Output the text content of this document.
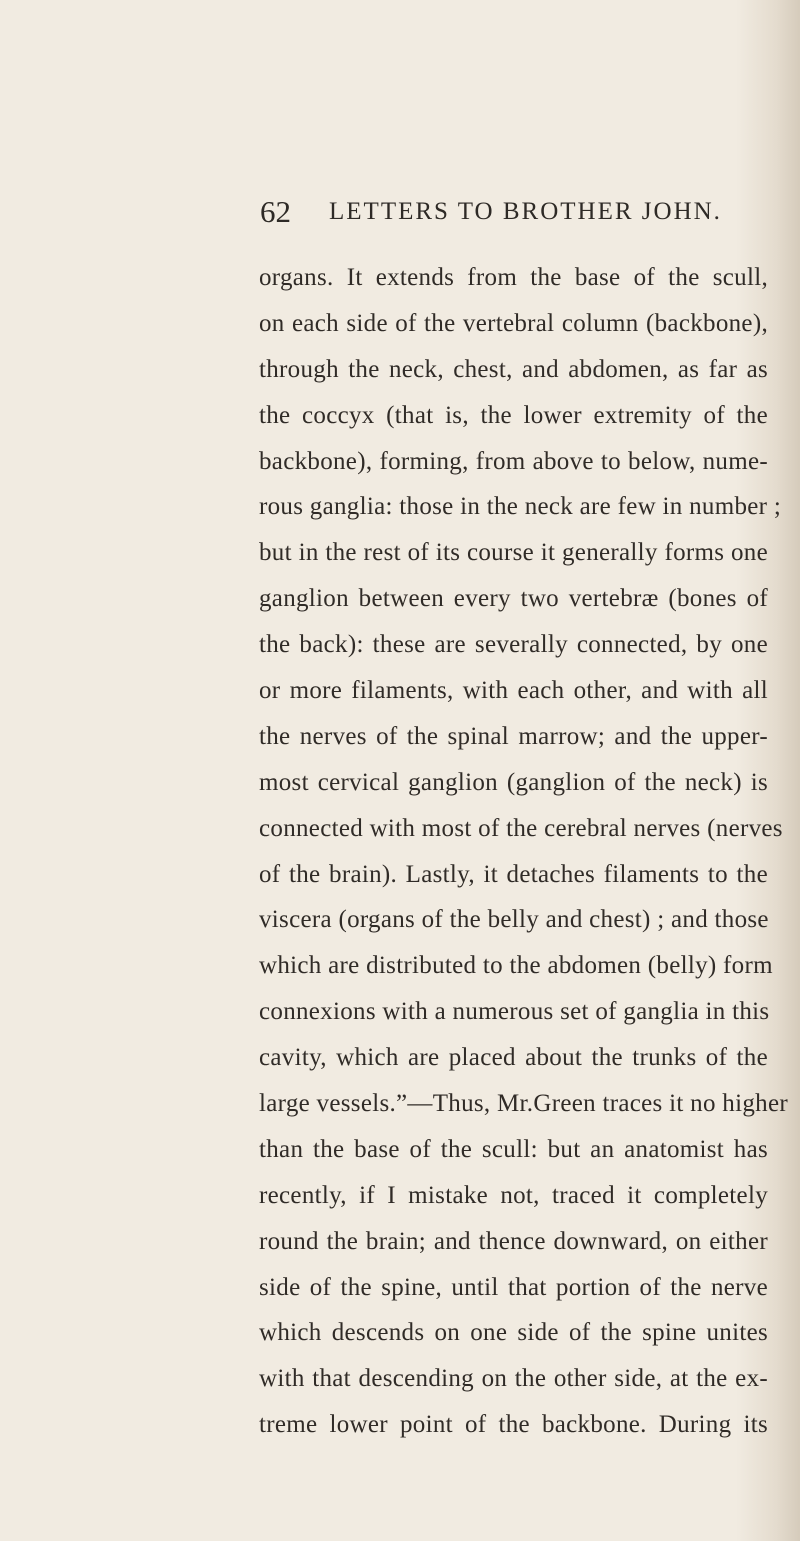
62 LETTERS TO BROTHER JOHN.
organs. It extends from the base of the scull,
on each side of the vertebral column (backbone),
through the neck, chest, and abdomen, as far as
the coccyx (that is, the lower extremity of the
backbone), forming, from above to below, nume-
rous ganglia: those in the neck are few in number ;
but in the rest of its course it generally forms one
ganglion between every two vertebræ (bones of
the back): these are severally connected, by one
or more filaments, with each other, and with all
the nerves of the spinal marrow; and the upper-
most cervical ganglion (ganglion of the neck) is
connected with most of the cerebral nerves (nerves
of the brain). Lastly, it detaches filaments to the
viscera (organs of the belly and chest) ; and those
which are distributed to the abdomen (belly) form
connexions with a numerous set of ganglia in this
cavity, which are placed about the trunks of the
large vessels.”—Thus, Mr.Green traces it no higher
than the base of the scull: but an anatomist has
recently, if I mistake not, traced it completely
round the brain; and thence downward, on either
side of the spine, until that portion of the nerve
which descends on one side of the spine unites
with that descending on the other side, at the ex-
treme lower point of the backbone. During its
